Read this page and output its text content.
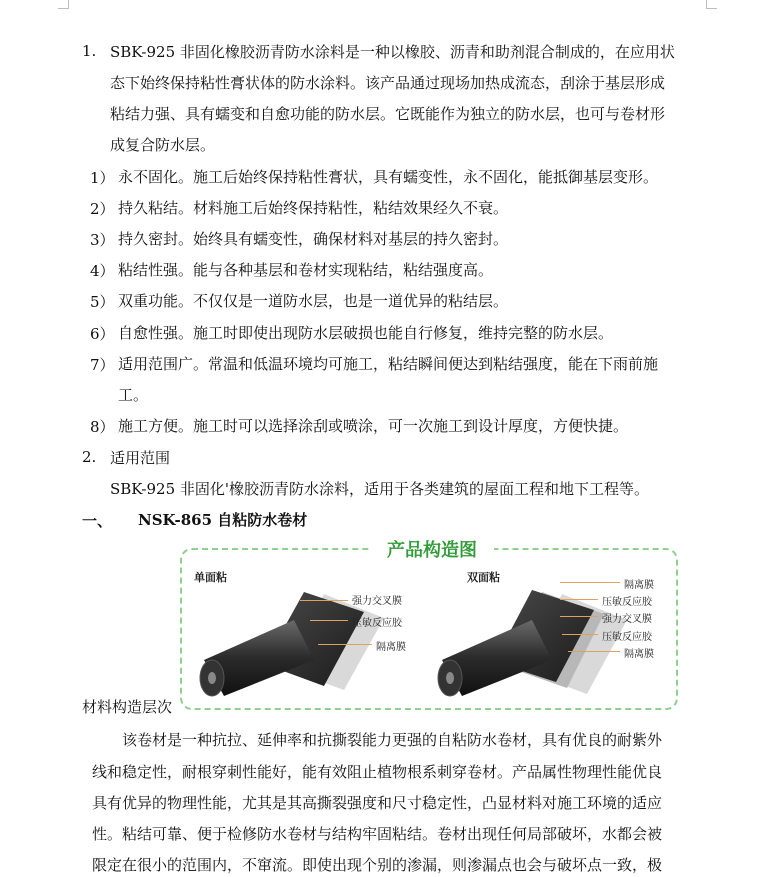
1. SBK-925 非固化橡胶沥青防水涂料是一种以橡胶、沥青和助剂混合制成的，在应用状
态下始终保持粘性膏状体的防水涂料。该产品通过现场加热成流态，刮涂于基层形成
粘结力强、具有蠕变和自愈功能的防水层。它既能作为独立的防水层，也可与卷材形
成复合防水层。
1） 永不固化。施工后始终保持粘性膏状，具有蠕变性，永不固化，能抵御基层变形。
2） 持久粘结。材料施工后始终保持粘性，粘结效果经久不衰。
3） 持久密封。始终具有蠕变性，确保材料对基层的持久密封。
4） 粘结性强。能与各种基层和卷材实现粘结，粘结强度高。
5） 双重功能。不仅仅是一道防水层，也是一道优异的粘结层。
6） 自愈性强。施工时即使出现防水层破损也能自行修复，维持完整的防水层。
7） 适用范围广。常温和低温环境均可施工，粘结瞬间便达到粘结强度，能在下雨前施
工。
8） 施工方便。施工时可以选择涂刮或喷涂，可一次施工到设计厚度，方便快捷。
2. 适用范围
SBK-925 非固化'橡胶沥青防水涂料，适用于各类建筑的屋面工程和地下工程等。
一、 NSK-865 自粘防水卷材
产品构造图
单面粘	双面粘
强力交叉膜
压敏反应胶
隔离膜
隔离膜
压敏反应胶
强力交叉膜
压敏反应胶
隔离膜
材料构造层次
该卷材是一种抗拉、延伸率和抗撕裂能力更强的自粘防水卷材，具有优良的耐紫外
线和稳定性，耐根穿刺性能好，能有效阻止植物根系刺穿卷材。产品属性物理性能优良
具有优异的物理性能，尤其是其高撕裂强度和尺寸稳定性，凸显材料对施工环境的适应
性。粘结可靠、便于检修防水卷材与结构牢固粘结。卷材出现任何局部破坏，水都会被
限定在很小的范围内，不窜流。即使出现个别的渗漏，则渗漏点也会与破坏点一致，极
